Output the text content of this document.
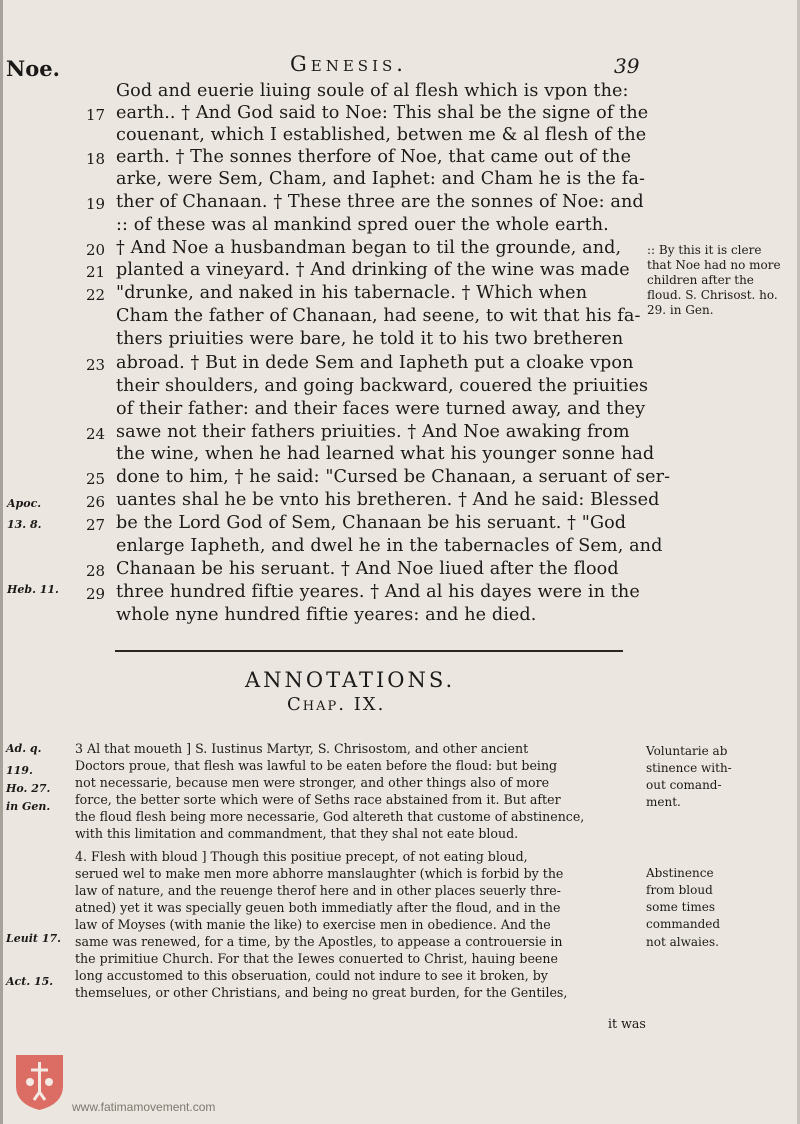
Noe.	Genesis.	39
God and euerie liuing soule of al flesh which is vpon the:
earth.. † And God said to Noe: This shal be the signe of the
couenant, which I established, betwen me & al flesh of the
earth. † The sonnes therfore of Noe, that came out of the
arke, were Sem, Cham, and Iaphet: and Cham he is the fa-
ther of Chanaan. † These three are the sonnes of Noe: and
:: of these was al mankind spred ouer the whole earth.
† And Noe a husbandman began to til the grounde, and,
planted a vineyard. † And drinking of the wine was made
"drunke, and naked in his tabernacle. † Which when
Cham the father of Chanaan, had seene, to wit that his fa-
thers priuities were bare, he told it to his two bretheren
abroad. † But in dede Sem and Iapheth put a cloake vpon
their shoulders, and going backward, couered the priuities
of their father: and their faces were turned away, and they
sawe not their fathers priuities. † And Noe awaking from
the wine, when he had learned what his younger sonne had
done to him, † he said: "Cursed be Chanaan, a seruant of ser-
uantes shal he be vnto his bretheren. † And he said: Blessed
be the Lord God of Sem, Chanaan be his seruant. † "God
enlarge Iapheth, and dwel he in the tabernacles of Sem, and
Chanaan be his seruant. † And Noe liued after the flood
three hundred fiftie yeares. † And al his dayes were in the
whole nyne hundred fiftie yeares: and he died.
17
18
19
20
21
22
23
24
25
26
27
28
29
Apoc.
13. 8.
Heb. 11.
:: By this it is clere that Noe had no more children after the floud. S. Chrisost. ho. 29. in Gen.
ANNOTATIONS.
Chap. IX.
3 Al that moueth ] S. Iustinus Martyr, S. Chrisostom, and other ancient
Doctors proue, that flesh was lawful to be eaten before the floud: but being
not necessarie, because men were stronger, and other things also of more
force, the better sorte which were of Seths race abstained from it. But after
the floud flesh being more necessarie, God altereth that custome of abstinence,
with this limitation and commandment, that they shal not eate bloud.
4. Flesh with bloud ] Though this positiue precept, of not eating bloud,
serued wel to make men more abhorre manslaughter (which is forbid by the
law of nature, and the reuenge therof here and in other places seuerly thre-
atned) yet it was specially geuen both immediatly after the floud, and in the
law of Moyses (with manie the like) to exercise men in obedience. And the
same was renewed, for a time, by the Apostles, to appease a controuersie in
the primitiue Church. For that the Iewes conuerted to Christ, hauing beene
long accustomed to this obseruation, could not indure to see it broken, by
themselues, or other Christians, and being no great burden, for the Gentiles,
it was
Ad. q.
119.
Ho. 27.
in Gen.
Leuit 17.
Act. 15.
Voluntarie ab
stinence with-
out comand-
ment.
Abstinence
from bloud
some times
commanded
not alwaies.
www.fatimamovement.com
